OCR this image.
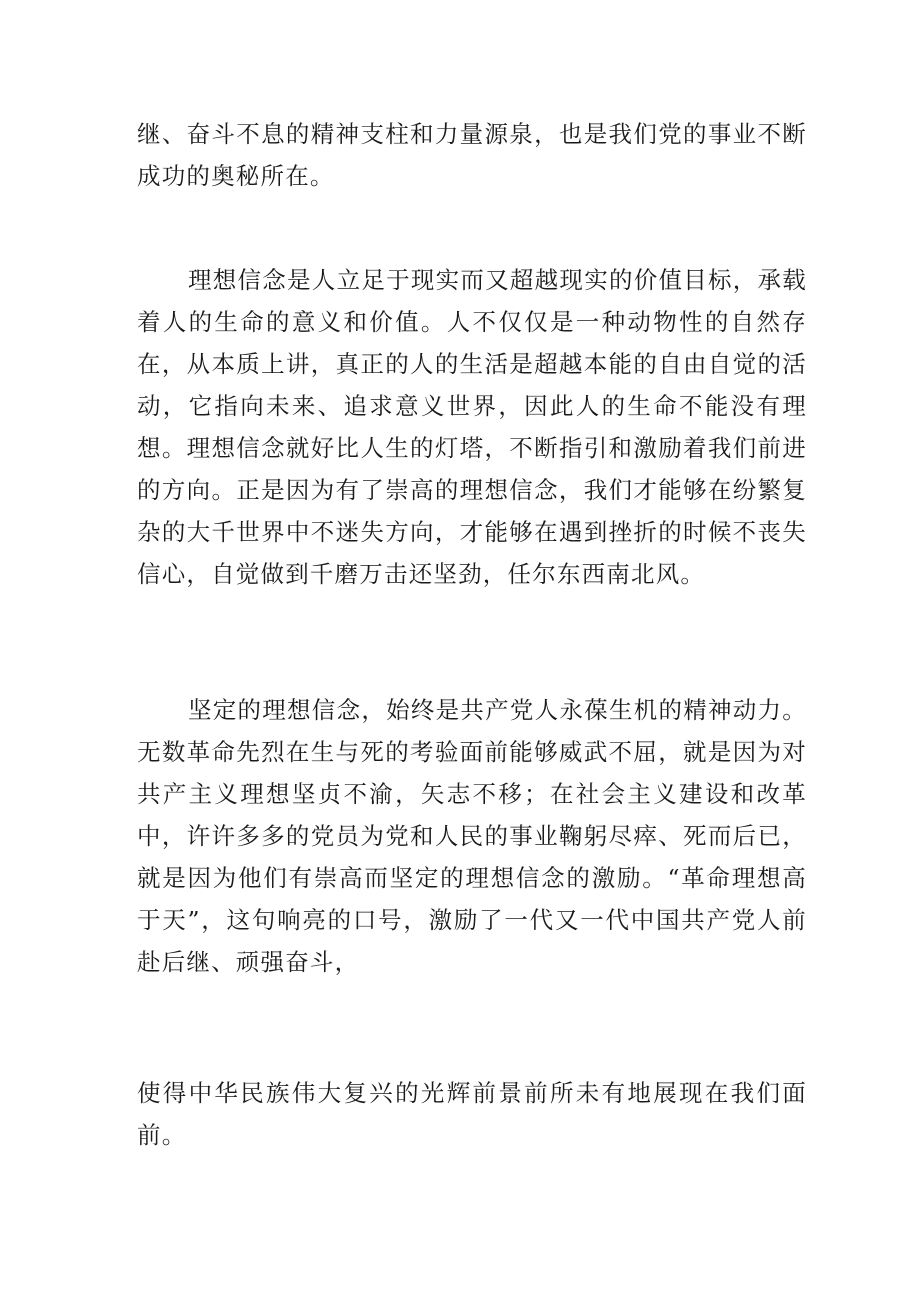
继、奋斗不息的精神支柱和力量源泉，也是我们党的事业不断成功的奥秘所在。

理想信念是人立足于现实而又超越现实的价值目标，承载着人的生命的意义和价值。人不仅仅是一种动物性的自然存在，从本质上讲，真正的人的生活是超越本能的自由自觉的活动，它指向未来、追求意义世界，因此人的生命不能没有理想。理想信念就好比人生的灯塔，不断指引和激励着我们前进的方向。正是因为有了崇高的理想信念，我们才能够在纷繁复杂的大千世界中不迷失方向，才能够在遇到挫折的时候不丧失信心，自觉做到千磨万击还坚劲，任尔东西南北风。

坚定的理想信念，始终是共产党人永葆生机的精神动力。无数革命先烈在生与死的考验面前能够威武不屈，就是因为对共产主义理想坚贞不渝，矢志不移；在社会主义建设和改革中，许许多多的党员为党和人民的事业鞠躬尽瘁、死而后已，就是因为他们有崇高而坚定的理想信念的激励。“革命理想高于天”，这句响亮的口号，激励了一代又一代中国共产党人前赴后继、顽强奋斗，

使得中华民族伟大复兴的光辉前景前所未有地展现在我们面前。
